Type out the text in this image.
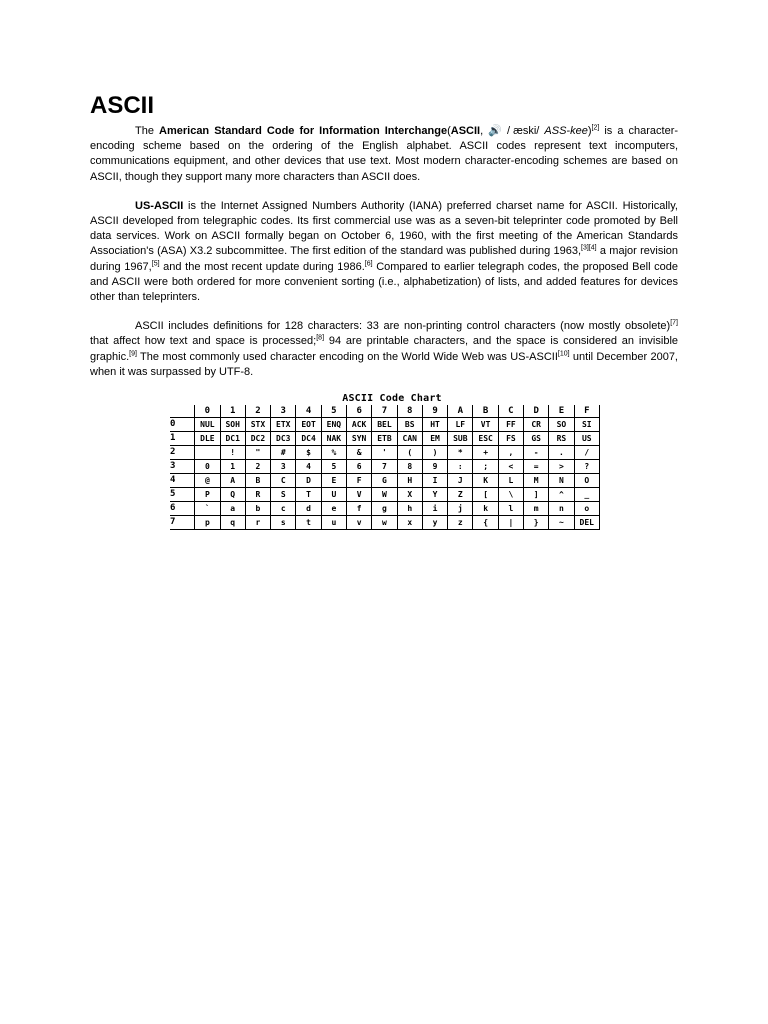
ASCII

The American Standard Code for Information Interchange(ASCII, 🔊 / æski/ ASS-kee)[2] is a character-encoding scheme based on the ordering of the English alphabet. ASCII codes represent text incomputers, communications equipment, and other devices that use text. Most modern character-encoding schemes are based on ASCII, though they support many more characters than ASCII does.

US-ASCII is the Internet Assigned Numbers Authority (IANA) preferred charset name for ASCII. Historically, ASCII developed from telegraphic codes. Its first commercial use was as a seven-bit teleprinter code promoted by Bell data services. Work on ASCII formally began on October 6, 1960, with the first meeting of the American Standards Association's (ASA) X3.2 subcommittee. The first edition of the standard was published during 1963,[3][4] a major revision during 1967,[5] and the most recent update during 1986.[6] Compared to earlier telegraph codes, the proposed Bell code and ASCII were both ordered for more convenient sorting (i.e., alphabetization) of lists, and added features for devices other than teleprinters.

ASCII includes definitions for 128 characters: 33 are non-printing control characters (now mostly obsolete)[7] that affect how text and space is processed;[8] 94 are printable characters, and the space is considered an invisible graphic.[9] The most commonly used character encoding on the World Wide Web was US-ASCII[10] until December 2007, when it was surpassed by UTF-8.

ASCII Code Chart
	0	1	2	3	4	5	6	7	8	9	A	B	C	D	E	F
0	NUL	SOH	STX	ETX	EOT	ENQ	ACK	BEL	BS	HT	LF	VT	FF	CR	SO	SI
1	DLE	DC1	DC2	DC3	DC4	NAK	SYN	ETB	CAN	EM	SUB	ESC	FS	GS	RS	US
2		!	"	#	$	%	&	'	(	)	*	+	,	-	.	/
3	0	1	2	3	4	5	6	7	8	9	:	;	<	=	>	?
4	@	A	B	C	D	E	F	G	H	I	J	K	L	M	N	O
5	P	Q	R	S	T	U	V	W	X	Y	Z	[	\	]	^	_
6	`	a	b	c	d	e	f	g	h	i	j	k	l	m	n	o
7	p	q	r	s	t	u	v	w	x	y	z	{	|	}	~	DEL
